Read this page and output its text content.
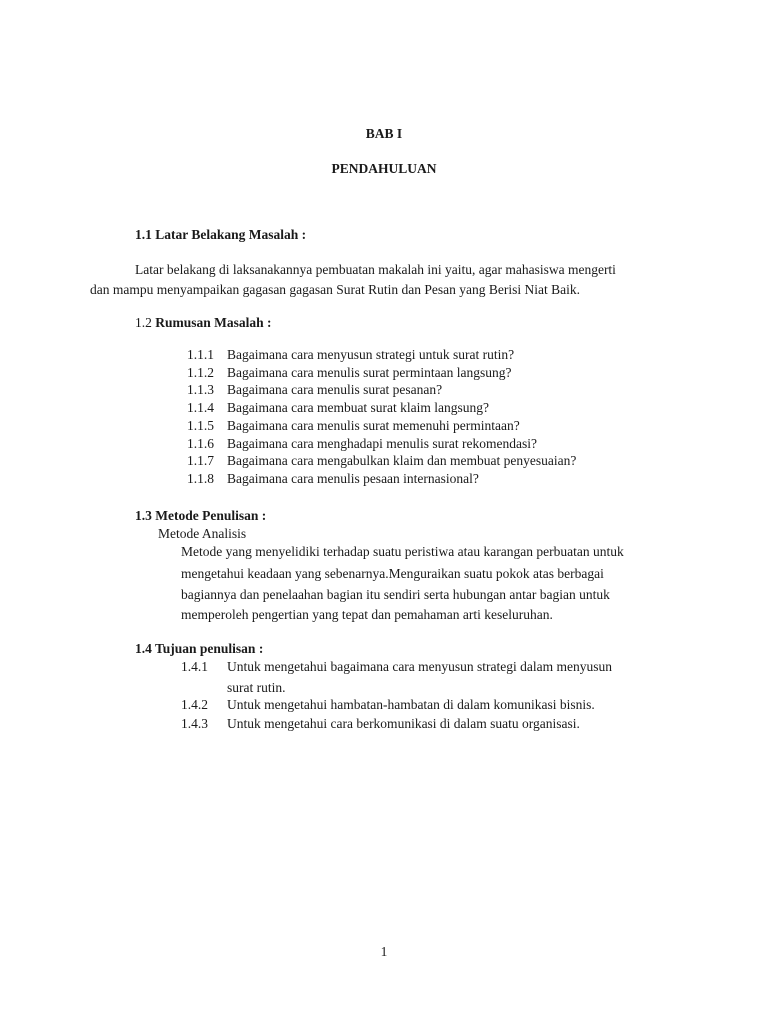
BAB I
PENDAHULUAN
1.1 Latar Belakang Masalah :
Latar belakang di laksanakannya pembuatan makalah ini yaitu, agar mahasiswa mengerti
dan mampu menyampaikan gagasan gagasan Surat Rutin dan Pesan yang Berisi Niat Baik.
1.2 Rumusan Masalah :
1.1.1 Bagaimana cara menyusun strategi untuk surat rutin?
1.1.2 Bagaimana cara menulis surat permintaan langsung?
1.1.3 Bagaimana cara menulis surat pesanan?
1.1.4 Bagaimana cara membuat surat klaim langsung?
1.1.5 Bagaimana cara menulis surat memenuhi permintaan?
1.1.6 Bagaimana cara menghadapi menulis surat rekomendasi?
1.1.7 Bagaimana cara mengabulkan klaim dan membuat penyesuaian?
1.1.8 Bagaimana cara menulis pesaan internasional?
1.3 Metode Penulisan :
Metode Analisis
Metode yang menyelidiki terhadap suatu peristiwa atau karangan perbuatan untuk
mengetahui keadaan yang sebenarnya.Menguraikan suatu pokok atas berbagai
bagiannya dan penelaahan bagian itu sendiri serta hubungan antar bagian untuk
memperoleh pengertian yang tepat dan pemahaman arti keseluruhan.
1.4 Tujuan penulisan :
1.4.1 Untuk mengetahui bagaimana cara menyusun strategi dalam menyusun
surat rutin.
1.4.2 Untuk mengetahui hambatan-hambatan di dalam komunikasi bisnis.
1.4.3 Untuk mengetahui cara berkomunikasi di dalam suatu organisasi.
1
